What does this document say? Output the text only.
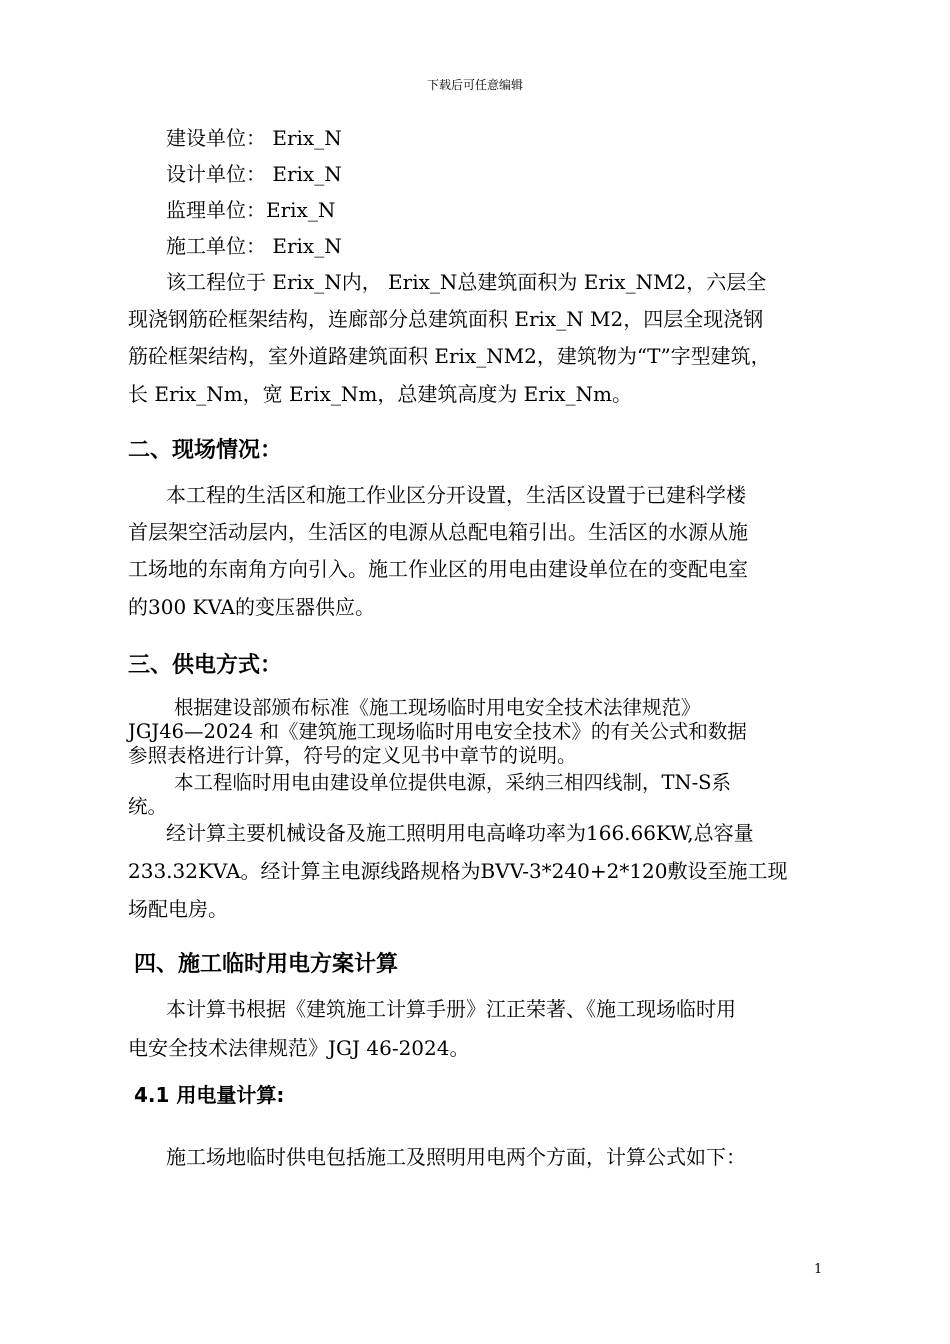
下载后可任意编辑
建设单位： Erix_N
设计单位： Erix_N
监理单位：Erix_N
施工单位： Erix_N
该工程位于 Erix_N内， Erix_N总建筑面积为 Erix_NM2，六层全
现浇钢筋砼框架结构，连廊部分总建筑面积 Erix_N M2，四层全现浇钢
筋砼框架结构，室外道路建筑面积 Erix_NM2，建筑物为“T”字型建筑，
长 Erix_Nm，宽 Erix_Nm，总建筑高度为 Erix_Nm。
二、现场情况：
本工程的生活区和施工作业区分开设置，生活区设置于已建科学楼
首层架空活动层内，生活区的电源从总配电箱引出。生活区的水源从施
工场地的东南角方向引入。施工作业区的用电由建设单位在的变配电室
的300 KVA的变压器供应。
三、供电方式：
根据建设部颁布标准《施工现场临时用电安全技术法律规范》
JGJ46—2024 和《建筑施工现场临时用电安全技术》的有关公式和数据
参照表格进行计算，符号的定义见书中章节的说明。
本工程临时用电由建设单位提供电源，采纳三相四线制，TN-S系
统。
经计算主要机械设备及施工照明用电高峰功率为166.66KW,总容量
233.32KVA。经计算主电源线路规格为BVV-3*240+2*120敷设至施工现
场配电房。
四、施工临时用电方案计算
本计算书根据《建筑施工计算手册》江正荣著、《施工现场临时用
电安全技术法律规范》JGJ 46-2024。
4.1 用电量计算:
施工场地临时供电包括施工及照明用电两个方面，计算公式如下：
1
